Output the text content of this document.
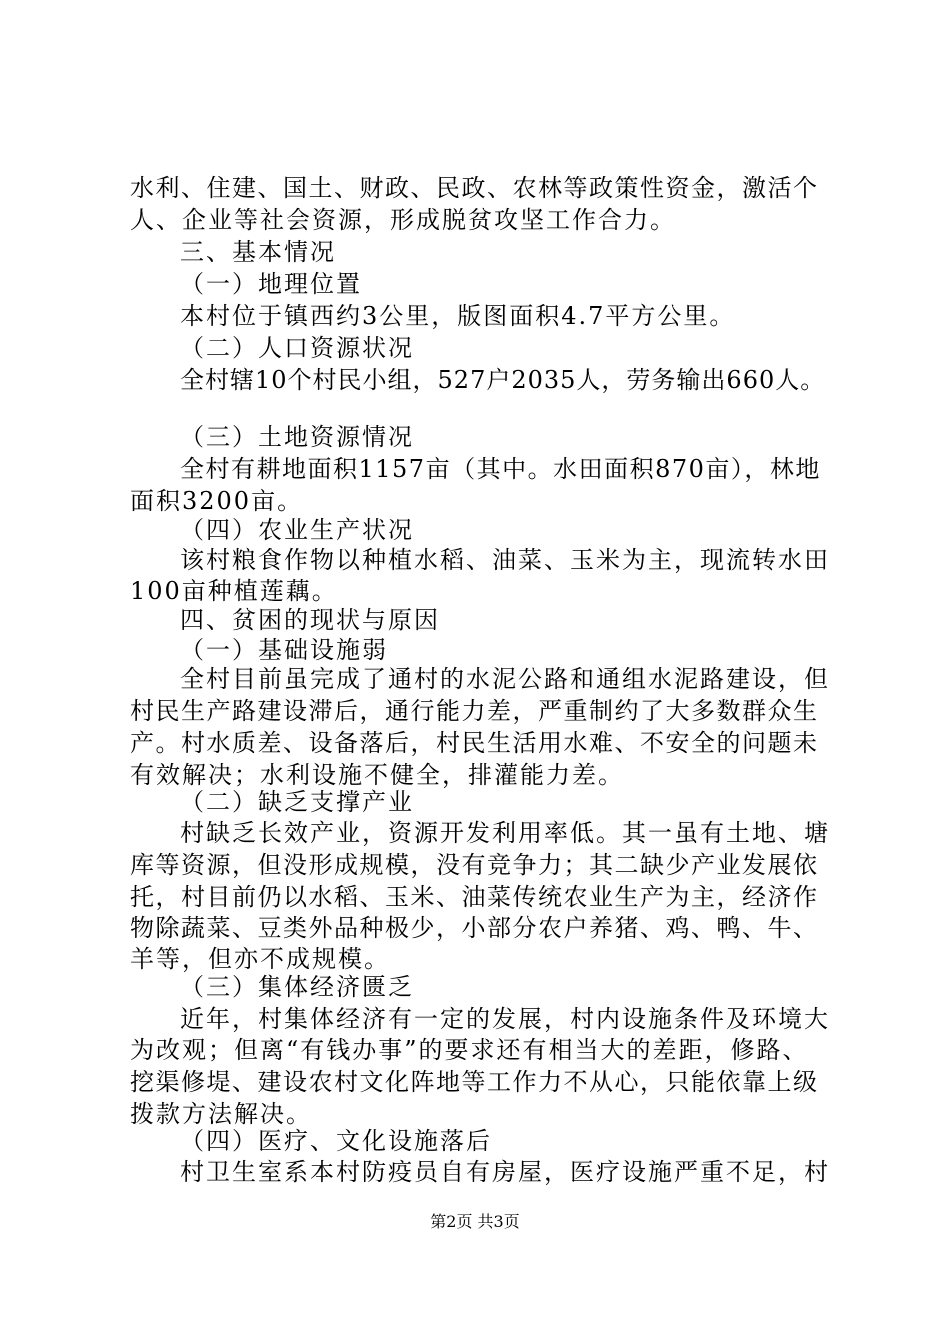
水利、住建、国土、财政、民政、农林等政策性资金，激活个
人、企业等社会资源，形成脱贫攻坚工作合力。
三、基本情况
（一）地理位置
本村位于镇西约3公里，版图面积4.7平方公里。
（二）人口资源状况
全村辖10个村民小组，527户2035人，劳务输出660人。
（三）土地资源情况
全村有耕地面积1157亩（其中。水田面积870亩），林地
面积3200亩。
（四）农业生产状况
该村粮食作物以种植水稻、油菜、玉米为主，现流转水田
100亩种植莲藕。
四、贫困的现状与原因
（一）基础设施弱
全村目前虽完成了通村的水泥公路和通组水泥路建设，但
村民生产路建设滞后，通行能力差，严重制约了大多数群众生
产。村水质差、设备落后，村民生活用水难、不安全的问题未
有效解决；水利设施不健全，排灌能力差。
（二）缺乏支撑产业
村缺乏长效产业，资源开发利用率低。其一虽有土地、塘
库等资源，但没形成规模，没有竞争力；其二缺少产业发展依
托，村目前仍以水稻、玉米、油菜传统农业生产为主，经济作
物除蔬菜、豆类外品种极少，小部分农户养猪、鸡、鸭、牛、
羊等，但亦不成规模。
（三）集体经济匮乏
近年，村集体经济有一定的发展，村内设施条件及环境大
为改观；但离“有钱办事”的要求还有相当大的差距，修路、
挖渠修堤、建设农村文化阵地等工作力不从心，只能依靠上级
拨款方法解决。
（四）医疗、文化设施落后
村卫生室系本村防疫员自有房屋，医疗设施严重不足，村
第2页 共3页
